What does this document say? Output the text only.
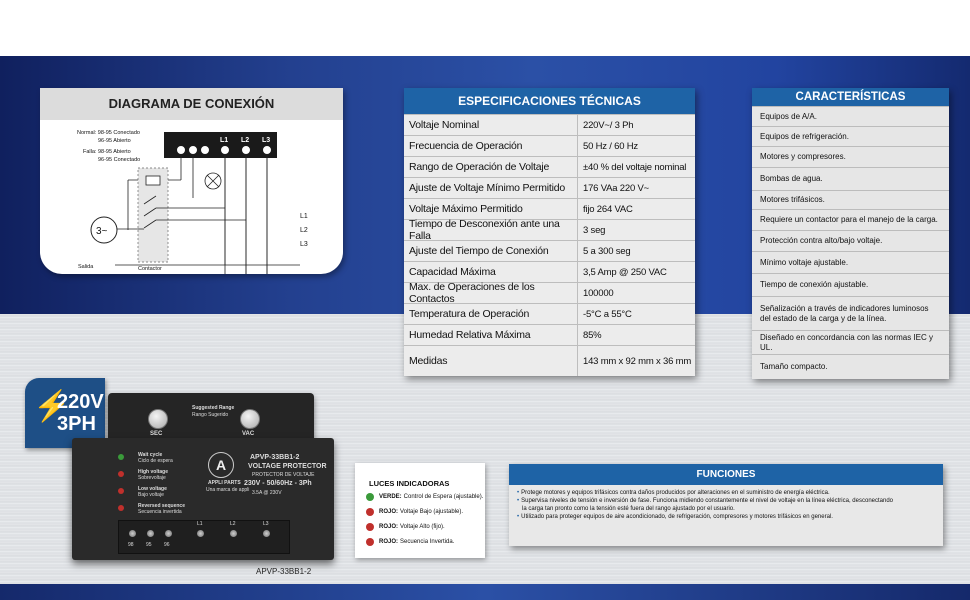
DIAGRAMA DE CONEXIÓN
Normal: 98-95 Conectado
96-95 Abierto
Falla: 98-95 Abierto
96-95 Conectado
L1 L2 L3
3~
Salida	Contactor
L1
L2
L3
ESPECIFICACIONES TÉCNICAS
Voltaje Nominal	220V~/ 3 Ph
Frecuencia de Operación	50 Hz / 60 Hz
Rango de Operación de Voltaje	±40 % del voltaje nominal
Ajuste de Voltaje Mínimo Permitido	176 VAa 220 V~
Voltaje Máximo Permitido	fijo 264 VAC
Tiempo de Desconexión ante una Falla	3 seg
Ajuste del Tiempo de Conexión	5 a 300 seg
Capacidad Máxima	3,5 Amp @ 250 VAC
Max. de Operaciones de los Contactos	100000
Temperatura de Operación	-5°C a 55°C
Humedad Relativa Máxima	85%
Medidas	143 mm x 92 mm x 36 mm
CARACTERÍSTICAS
Equipos de A/A.
Equipos de refrigeración.
Motores y compresores.
Bombas de agua.
Motores trifásicos.
Requiere un contactor para el manejo de la carga.
Protección contra alto/bajo voltaje.
Mínimo voltaje ajustable.
Tiempo de conexión ajustable.
Señalización a través de indicadores luminosos del estado de la carga y de la línea.
Diseñado en concordancia con las normas IEC y UL.
Tamaño compacto.
⚡
220V
3PH	SEC	VAC
Suggested Range
Rango Sugerido
Wait cycle
Ciclo de espera
High voltage
Sobrevoltaje
Low voltage
Bajo voltaje
Reversed sequence
Secuencia invertida
A
APPLI PARTS
Una marca de appli
APVP-33BB1-2
VOLTAGE PROTECTOR
PROTECTOR DE VOLTAJE
230V - 50/60Hz - 3Ph
3.5A @ 230V
98 95 96
L1	L2	L3
APVP-33BB1-2
LUCES INDICADORAS
VERDE: Control de Espera (ajustable).
ROJO: Voltaje Bajo (ajustable).
ROJO: Voltaje Alto (fijo).
ROJO: Secuencia Invertida.
FUNCIONES
• Protege motores y equipos trifásicos contra daños producidos por alteraciones en el suministro de energía eléctrica.
• Supervisa niveles de tensión e inversión de fase. Funciona midiendo constantemente el nivel de voltaje en la línea eléctrica, desconectando
la carga tan pronto como la tensión esté fuera del rango ajustado por el usuario.
• Utilizado para proteger equipos de aire acondicionado, de refrigeración, compresores y motores trifásicos en general.
